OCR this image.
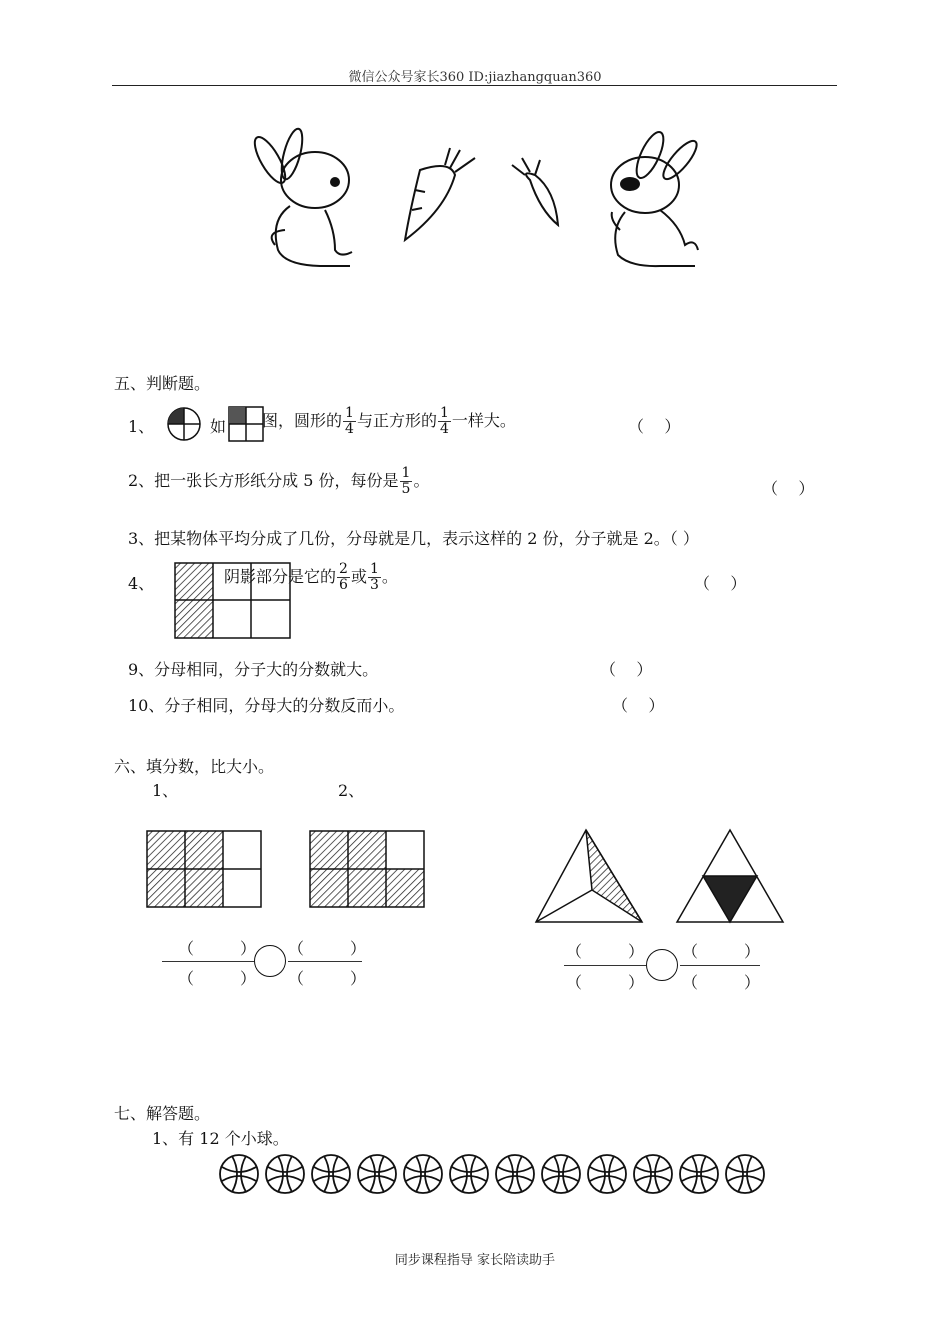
微信公众号家长360 ID:jiazhangquan360
五、判断题。
1、	如 图，圆形的 $\frac{1}{4}$ 与正方形的 $\frac{1}{4}$ 一样大。	（    ）
2、把一张长方形纸分成 5 份，每份是 $\frac{1}{5}$ 。	（    ）
3、把某物体平均分成了几份，分母就是几，表示这样的 2 份，分子就是 2。（ ）
4、	阴影部分是它的 $\frac{2}{6}$ 或 $\frac{1}{3}$ 。	（    ）
9、分母相同，分子大的分数就大。	（    ）
10、分子相同，分母大的分数反而小。	（    ）
六、填分数，比大小。
1、	2、
（	）
（	）
（	）
（	）
（	）
（	）
（	）
（	）
七、解答题。
1、有 12 个小球。
同步课程指导 家长陪读助手
